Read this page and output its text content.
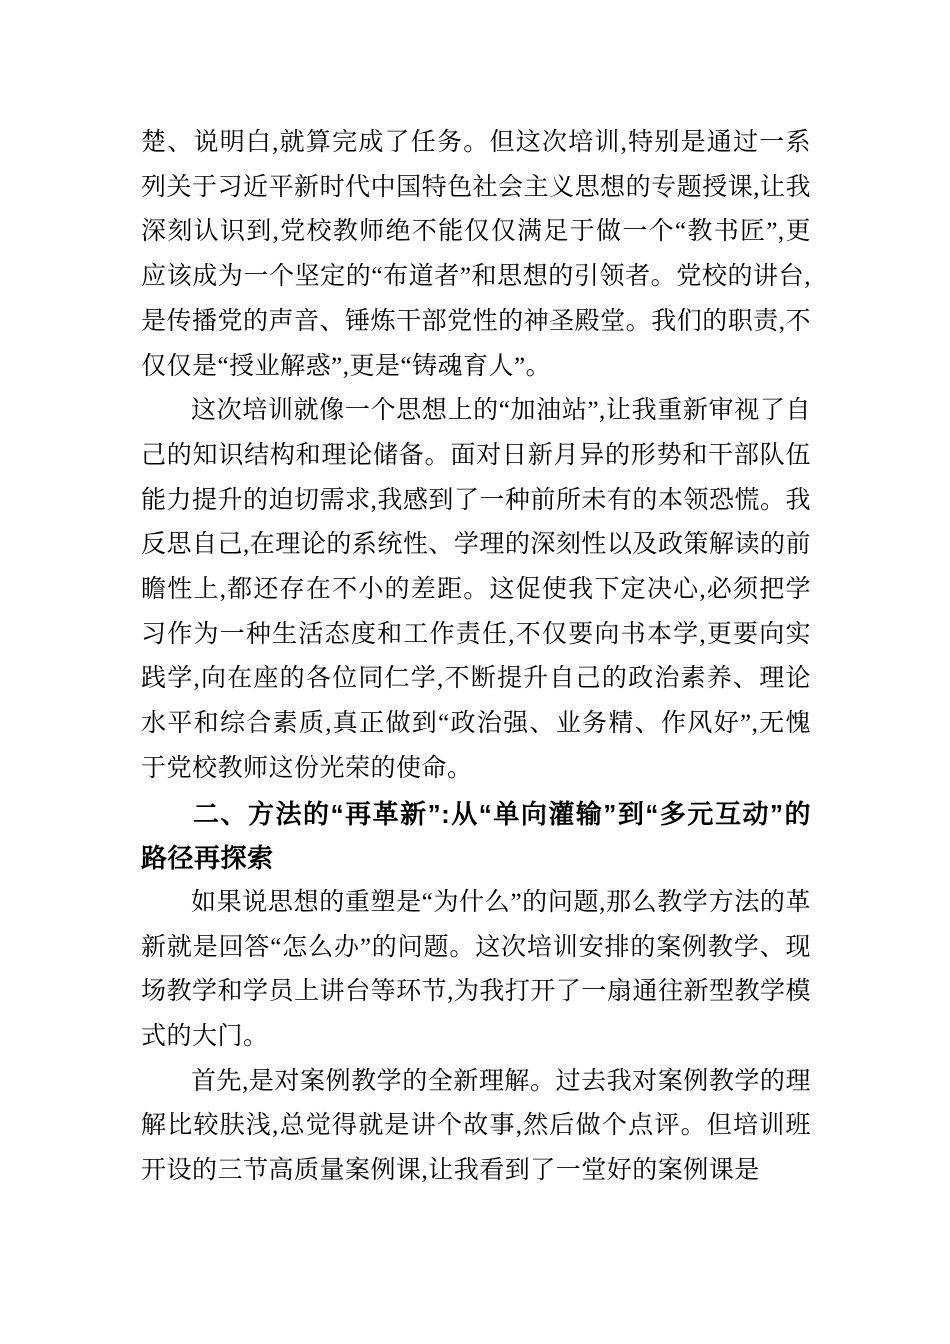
楚、说明白,就算完成了任务。但这次培训,特别是通过一系列关于习近平新时代中国特色社会主义思想的专题授课,让我深刻认识到,党校教师绝不能仅仅满足于做一个“教书匠”,更应该成为一个坚定的“布道者”和思想的引领者。党校的讲台,是传播党的声音、锤炼干部党性的神圣殿堂。我们的职责,不仅仅是“授业解惑”,更是“铸魂育人”。

这次培训就像一个思想上的“加油站”,让我重新审视了自己的知识结构和理论储备。面对日新月异的形势和干部队伍能力提升的迫切需求,我感到了一种前所未有的本领恐慌。我反思自己,在理论的系统性、学理的深刻性以及政策解读的前瞻性上,都还存在不小的差距。这促使我下定决心,必须把学习作为一种生活态度和工作责任,不仅要向书本学,更要向实践学,向在座的各位同仁学,不断提升自己的政治素养、理论水平和综合素质,真正做到“政治强、业务精、作风好”,无愧于党校教师这份光荣的使命。

二、方法的“再革新”:从“单向灌输”到“多元互动”的路径再探索

如果说思想的重塑是“为什么”的问题,那么教学方法的革新就是回答“怎么办”的问题。这次培训安排的案例教学、现场教学和学员上讲台等环节,为我打开了一扇通往新型教学模式的大门。

首先,是对案例教学的全新理解。过去我对案例教学的理解比较肤浅,总觉得就是讲个故事,然后做个点评。但培训班开设的三节高质量案例课,让我看到了一堂好的案例课是
